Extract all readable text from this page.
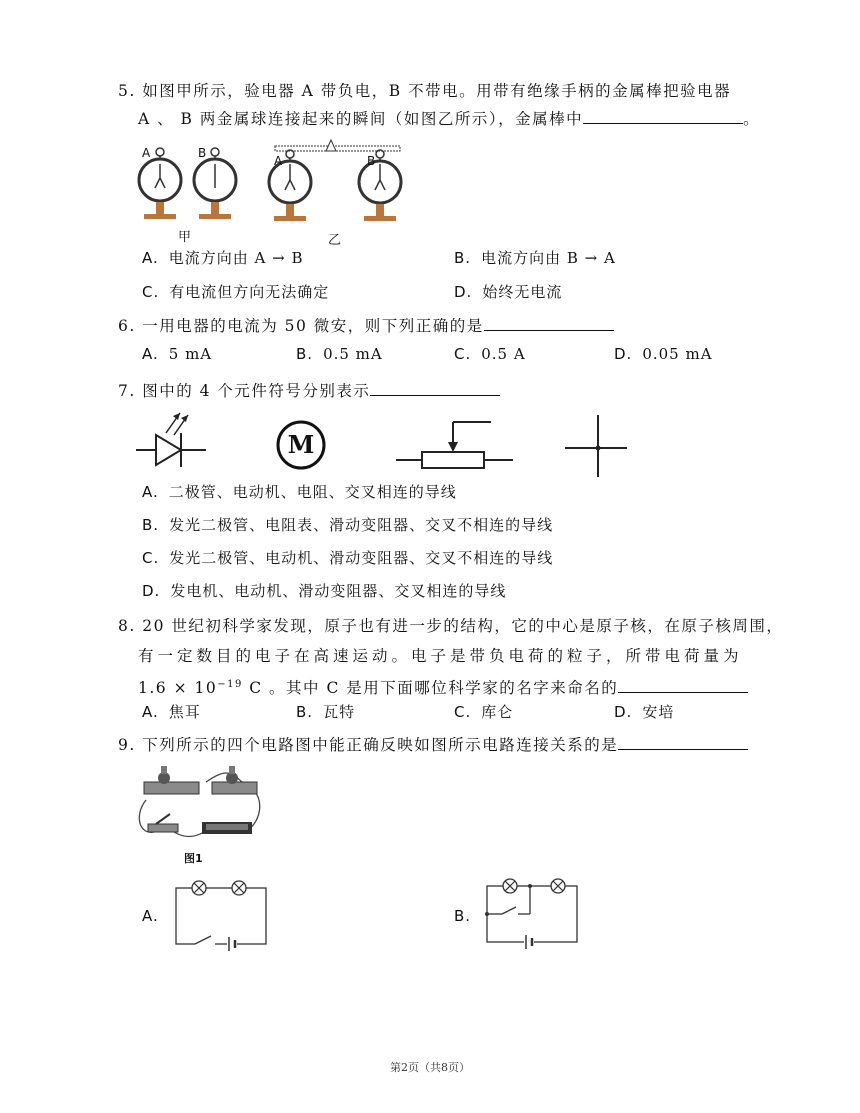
5. 如图甲所示，验电器 A 带负电，B 不带电。用带有绝缘手柄的金属棒把验电器
A 、 B 两金属球连接起来的瞬间（如图乙所示），金属棒中	。
A	B
A	B
甲	乙
A. 电流方向由 A → B	B. 电流方向由 B → A
C. 有电流但方向无法确定	D. 始终无电流
6. 一用电器的电流为 50 微安，则下列正确的是
A. 5 mA	B. 0.5 mA	C. 0.5 A	D. 0.05 mA
7. 图中的 4 个元件符号分别表示
M
A. 二极管、电动机、电阻、交叉相连的导线
B. 发光二极管、电阻表、滑动变阻器、交叉不相连的导线
C. 发光二极管、电动机、滑动变阻器、交叉不相连的导线
D. 发电机、电动机、滑动变阻器、交叉相连的导线
8. 20 世纪初科学家发现，原子也有进一步的结构，它的中心是原子核，在原子核周围，
有一定数目的电子在高速运动。电子是带负电荷的粒子，所带电荷量为
$1.6 \times 10^{-19}$ C 。其中 C 是用下面哪位科学家的名字来命名的
A. 焦耳	B. 瓦特	C. 库仑	D. 安培
9. 下列所示的四个电路图中能正确反映如图所示电路连接关系的是
图1
A.	B.
第2页（共8页）
